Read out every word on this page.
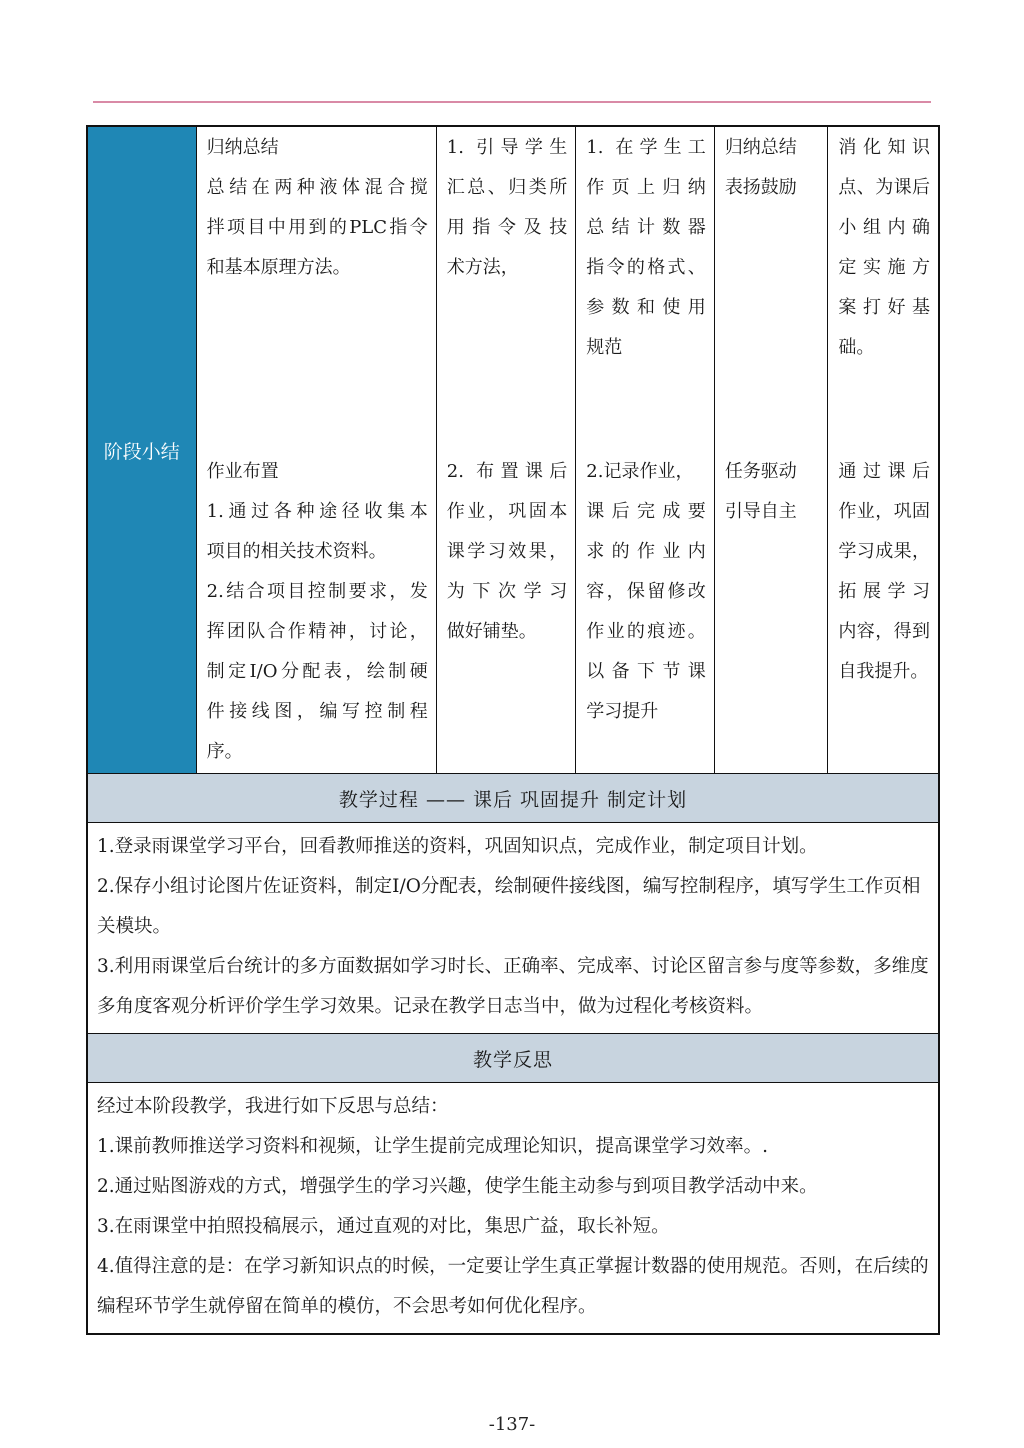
阶段小结
归纳总结
总结在两种液体混合搅
拌项目中用到的PLC指令
和基本原理方法。
作业布置
1.通过各种途径收集本
项目的相关技术资料。
2.结合项目控制要求，发
挥团队合作精神，讨论，
制定I/O分配表，绘制硬
件接线图，编写控制程
序。
1. 引导学生
汇总、归类所
用指令及技
术方法，
2. 布置课后
作业，巩固本
课学习效果，
为下次学习
做好铺垫。
1. 在学生工
作页上归纳
总结计数器
指令的格式、
参数和使用
规范
2.记录作业，
课后完成要
求的作业内
容，保留修改
作业的痕迹。
以备下节课
学习提升
归纳总结
表扬鼓励
任务驱动
引导自主
消化知识
点、为课后
小组内确
定实施方
案打好基
础。
通过课后
作业，巩固
学习成果，
拓展学习
内容，得到
自我提升。
教学过程 —— 课后 巩固提升 制定计划
1.登录雨课堂学习平台，回看教师推送的资料，巩固知识点，完成作业，制定项目计划。
2.保存小组讨论图片佐证资料，制定I/O分配表，绘制硬件接线图，编写控制程序，填写学生工作页相关模块。
3.利用雨课堂后台统计的多方面数据如学习时长、正确率、完成率、讨论区留言参与度等参数，多维度多角度客观分析评价学生学习效果。记录在教学日志当中，做为过程化考核资料。
教学反思
经过本阶段教学，我进行如下反思与总结：
1.课前教师推送学习资料和视频，让学生提前完成理论知识，提高课堂学习效率。.
2.通过贴图游戏的方式，增强学生的学习兴趣，使学生能主动参与到项目教学活动中来。
3.在雨课堂中拍照投稿展示，通过直观的对比，集思广益，取长补短。
4.值得注意的是：在学习新知识点的时候，一定要让学生真正掌握计数器的使用规范。否则，在后续的编程环节学生就停留在简单的模仿，不会思考如何优化程序。
-137-
